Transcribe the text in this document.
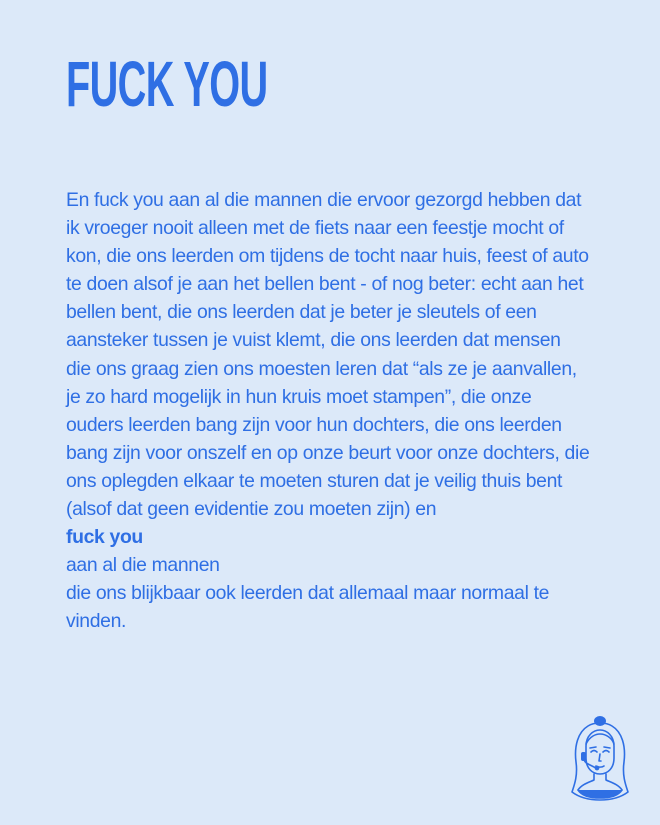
FUCK YOU
En fuck you aan al die mannen die ervoor gezorgd hebben dat
ik vroeger nooit alleen met de fiets naar een feestje mocht of
kon, die ons leerden om tijdens de tocht naar huis, feest of auto
te doen alsof je aan het bellen bent - of nog beter: echt aan het
bellen bent, die ons leerden dat je beter je sleutels of een
aansteker tussen je vuist klemt, die ons leerden dat mensen
die ons graag zien ons moesten leren dat “als ze je aanvallen,
je zo hard mogelijk in hun kruis moet stampen”, die onze
ouders leerden bang zijn voor hun dochters, die ons leerden
bang zijn voor onszelf en op onze beurt voor onze dochters, die
ons oplegden elkaar te moeten sturen dat je veilig thuis bent
(alsof dat geen evidentie zou moeten zijn) en
fuck you
aan al die mannen
die ons blijkbaar ook leerden dat allemaal maar normaal te
vinden.
